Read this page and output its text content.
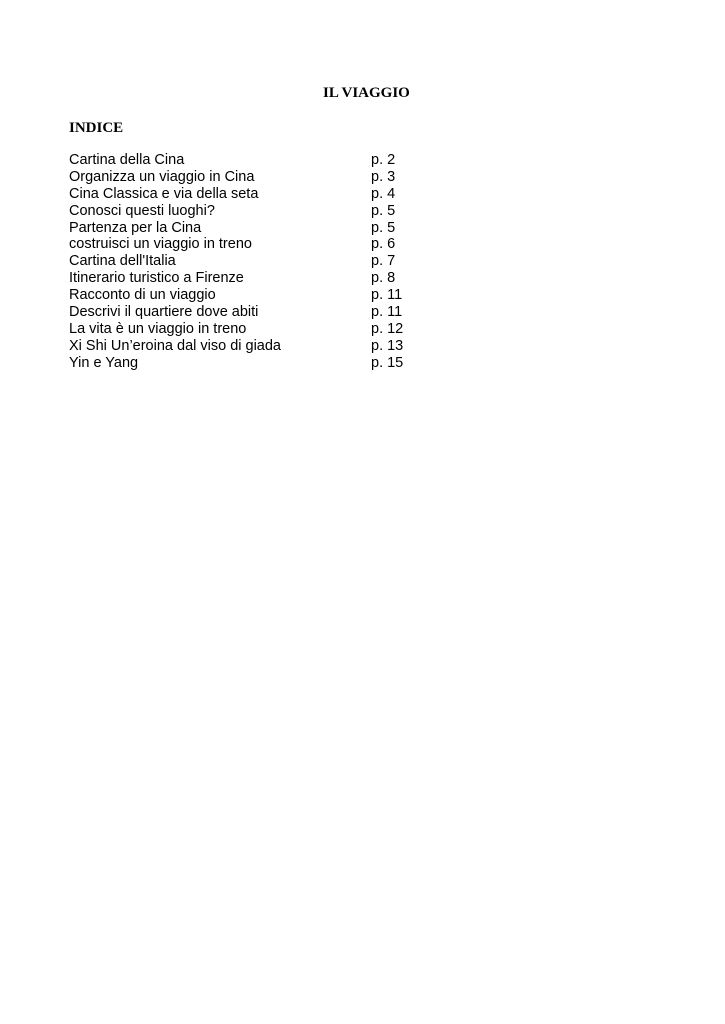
IL VIAGGIO
INDICE
Cartina della Cina	p. 2
Organizza un viaggio in Cina	p. 3
Cina Classica e via della seta	p. 4
Conosci questi luoghi?	p. 5
Partenza per la Cina	p. 5
costruisci un viaggio in treno	p. 6
Cartina dell'Italia	p. 7
Itinerario turistico a Firenze	p. 8
Racconto di un viaggio	p. 11
Descrivi il quartiere dove abiti	p. 11
La vita è un viaggio in treno	p. 12
Xi Shi Un’eroina dal viso di giada	p. 13
Yin e Yang	p. 15
